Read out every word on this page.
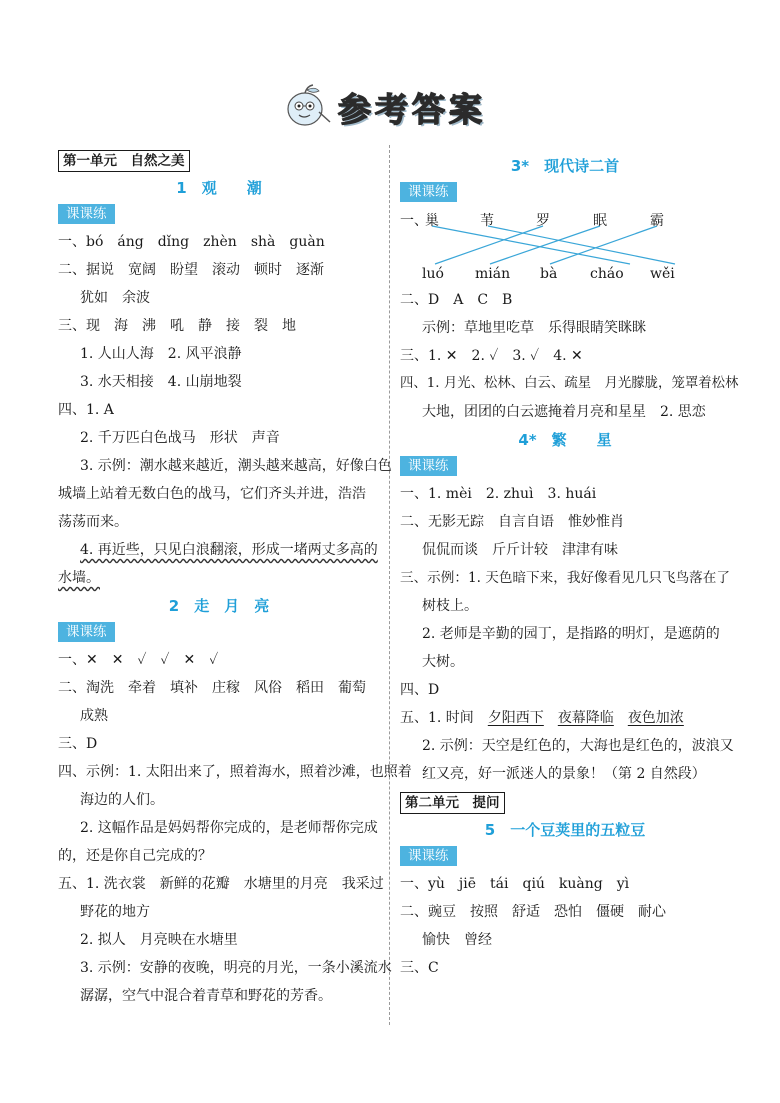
参考答案
第一单元　自然之美
1　观　　潮
课课练
一、bó　áng　dǐng　zhèn　shà　guàn
二、据说　宽阔　盼望　滚动　顿时　逐渐
犹如　余波
三、现　海　沸　吼　静　接　裂　地
1. 人山人海　2. 风平浪静
3. 水天相接　4. 山崩地裂
四、1. A
2. 千万匹白色战马　形状　声音
3. 示例：潮水越来越近，潮头越来越高，好像白色
城墙上站着无数白色的战马，它们齐头并进，浩浩
荡荡而来。
4. 再近些，只见白浪翻滚，形成一堵两丈多高的
水墙。
2　走　月　亮
课课练
一、✕　✕　✓　✓　✕　✓
二、淘洗　牵着　填补　庄稼　风俗　稻田　葡萄
成熟
三、D
四、示例：1. 太阳出来了，照着海水，照着沙滩，也照着
海边的人们。
2. 这幅作品是妈妈帮你完成的，是老师帮你完成
的，还是你自己完成的？
五、1. 洗衣裳　新鲜的花瓣　水塘里的月亮　我采过
野花的地方
2. 拟人　月亮映在水塘里
3. 示例：安静的夜晚，明亮的月光，一条小溪流水
潺潺，空气中混合着青草和野花的芳香。
3*　现代诗二首
课课练
一、
巢	苇	罗	眠	霸
luó mián bà cháo wěi
二、D　A　C　B
示例：草地里吃草　乐得眼睛笑眯眯
三、1. ✕　2. ✓　3. ✓　4. ✕
四、1. 月光、松林、白云、疏星　月光朦胧，笼罩着松林
大地，团团的白云遮掩着月亮和星星　2. 思恋
4*　繁　　星
课课练
一、1. mèi　2. zhuì　3. huái
二、无影无踪　自言自语　惟妙惟肖
侃侃而谈　斤斤计较　津津有味
三、示例：1. 天色暗下来，我好像看见几只飞鸟落在了
树枝上。
2. 老师是辛勤的园丁，是指路的明灯，是遮荫的
大树。
四、D
五、1. 时间　夕阳西下　 夜幕降临　 夜色加浓
2. 示例：天空是红色的，大海也是红色的，波浪又
红又亮，好一派迷人的景象！（第 2 自然段）
第二单元　提问
5　一个豆荚里的五粒豆
课课练
一、yù　jiē　tái　qiú　kuàng　yì
二、豌豆　按照　舒适　恐怕　僵硬　耐心
愉快　曾经
三、C
